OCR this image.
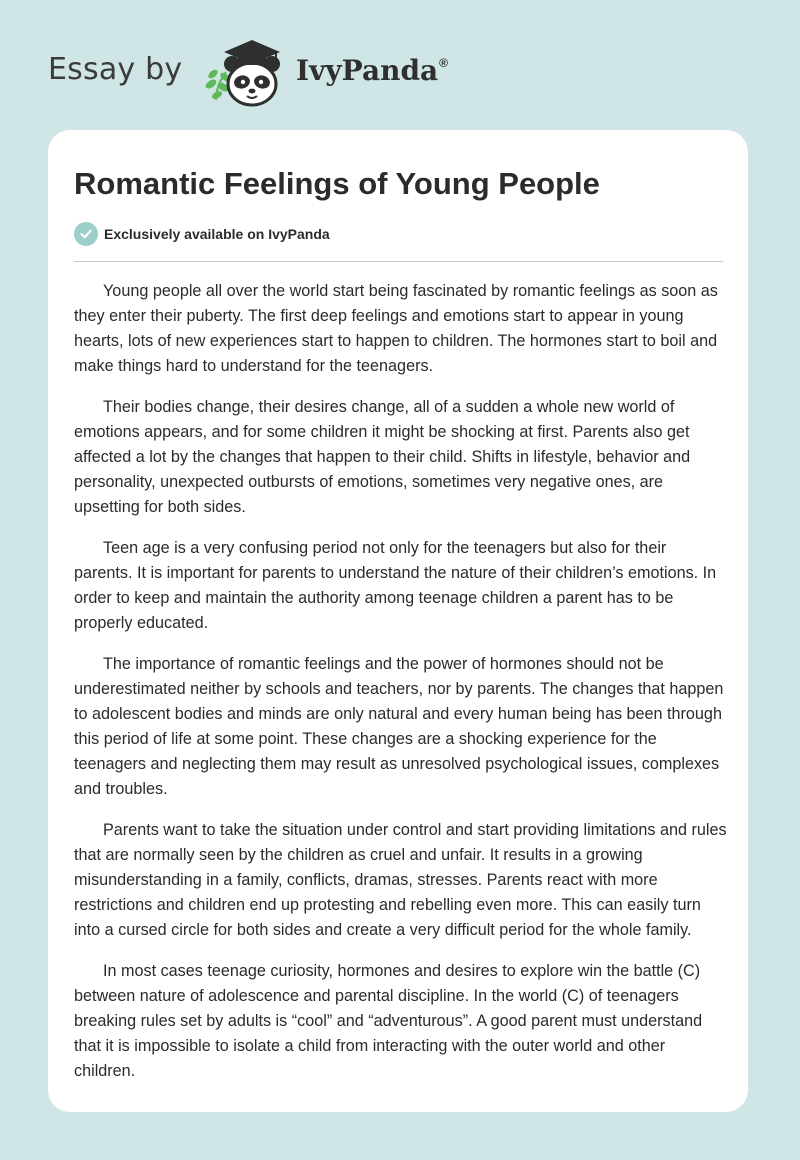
Essay by	IvyPanda®
Romantic Feelings of Young People
Exclusively available on IvyPanda

Young people all over the world start being fascinated by romantic feelings as soon as they enter their puberty. The first deep feelings and emotions start to appear in young hearts, lots of new experiences start to happen to children. The hormones start to boil and make things hard to understand for the teenagers.

Their bodies change, their desires change, all of a sudden a whole new world of emotions appears, and for some children it might be shocking at first. Parents also get affected a lot by the changes that happen to their child. Shifts in lifestyle, behavior and personality, unexpected outbursts of emotions, sometimes very negative ones, are upsetting for both sides.

Teen age is a very confusing period not only for the teenagers but also for their parents. It is important for parents to understand the nature of their children’s emotions. In order to keep and maintain the authority among teenage children a parent has to be properly educated.

The importance of romantic feelings and the power of hormones should not be underestimated neither by schools and teachers, nor by parents. The changes that happen to adolescent bodies and minds are only natural and every human being has been through this period of life at some point. These changes are a shocking experience for the teenagers and neglecting them may result as unresolved psychological issues, complexes and troubles.

Parents want to take the situation under control and start providing limitations and rules that are normally seen by the children as cruel and unfair. It results in a growing misunderstanding in a family, conflicts, dramas, stresses. Parents react with more restrictions and children end up protesting and rebelling even more. This can easily turn into a cursed circle for both sides and create a very difficult period for the whole family.

In most cases teenage curiosity, hormones and desires to explore win the battle (C) between nature of adolescence and parental discipline. In the world (C) of teenagers breaking rules set by adults is “cool” and “adventurous”. A good parent must understand that it is impossible to isolate a child from interacting with the outer world and other children.
